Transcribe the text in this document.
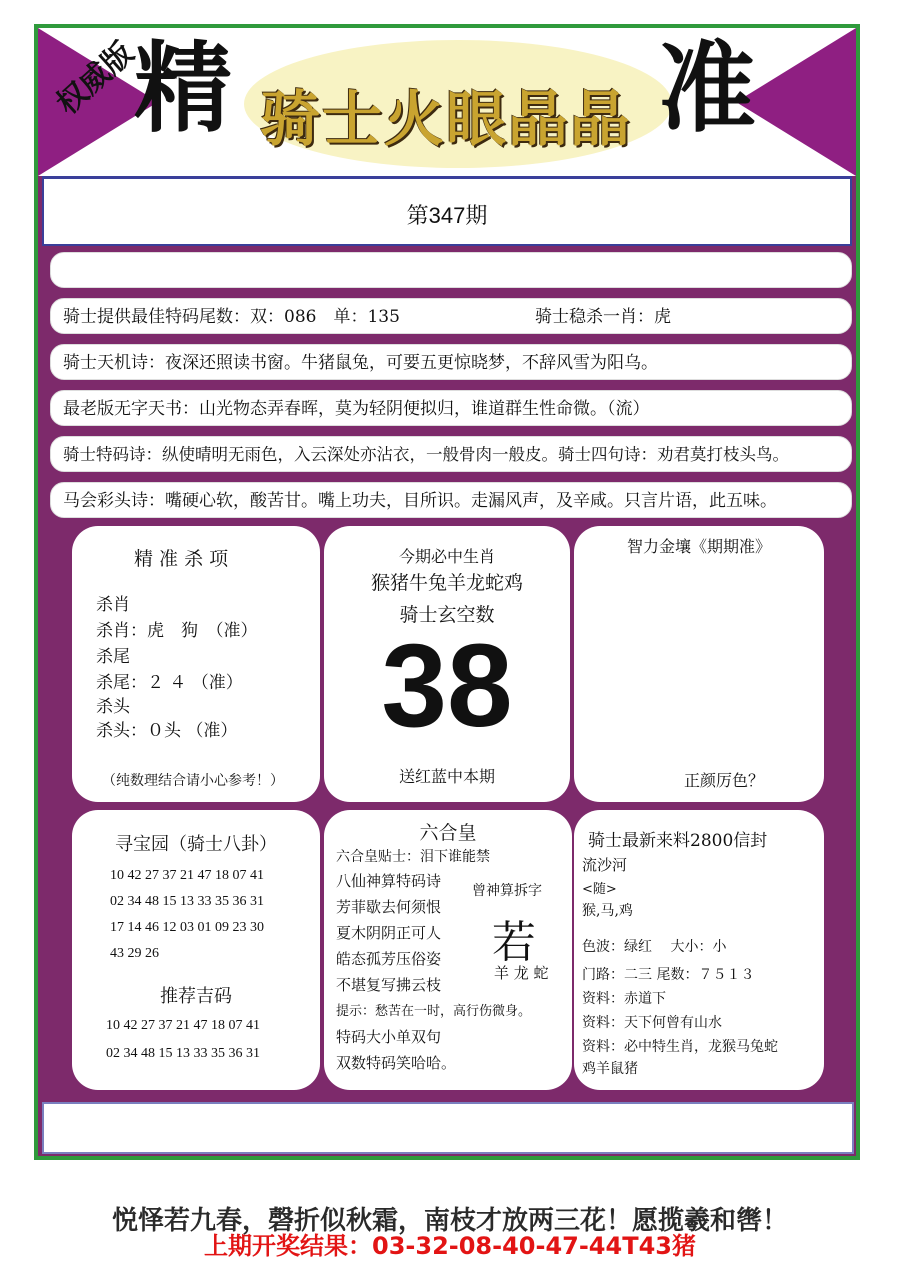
权威版
精 骑士火眼晶晶 准
第347期
骑士提供最佳特码尾数：双：086　单：135	骑士稳杀一肖：虎
骑士天机诗：夜深还照读书窗。牛猪鼠兔，可要五更惊晓梦，不辞风雪为阳乌。
最老版无字天书：山光物态弄春晖，莫为轻阴便拟归，谁道群生性命微。（流）
骑士特码诗：纵使晴明无雨色，入云深处亦沾衣，一般骨肉一般皮。骑士四句诗：劝君莫打枝头鸟。
马会彩头诗：嘴硬心软，酸苦甘。嘴上功夫，目所识。走漏风声，及辛咸。只言片语，此五味。
精 准 杀 项
杀肖
杀肖：虎　狗　（准）
杀尾
杀尾：２ ４ （准）
杀头
杀头：０头 （准）
（纯数理结合请小心参考！）
今期必中生肖
猴猪牛兔羊龙蛇鸡
骑士玄空数
38
送红蓝中本期
智力金壤《期期准》
正颜厉色？
寻宝园（骑士八卦）
10 42 27 37 21 47 18 07 41
02 34 48 15 13 33 35 36 31
17 14 46 12 03 01 09 23 30
43 29 26
推荐吉码
10 42 27 37 21 47 18 07 41
02 34 48 15 13 33 35 36 31
六合皇
六合皇贴士：泪下谁能禁
八仙神算特码诗
芳菲歇去何须恨
夏木阴阴正可人
皓态孤芳压俗姿
不堪复写拂云枝
曾神算拆字
若
羊 龙 蛇
提示：愁苦在一时，高行伤微身。
特码大小单双句
双数特码笑哈哈。
骑士最新来料2800信封
流沙河
<随>
猴,马,鸡
色波：绿红　 大小：小
门路：二三 尾数：７５１３
资料：赤道下
资料：天下何曾有山水
资料：必中特生肖，龙猴马兔蛇
鸡羊鼠猪
悦怿若九春，磬折似秋霜，南枝才放两三花！愿揽羲和辔！
上期开奖结果：03-32-08-40-47-44T43猪
